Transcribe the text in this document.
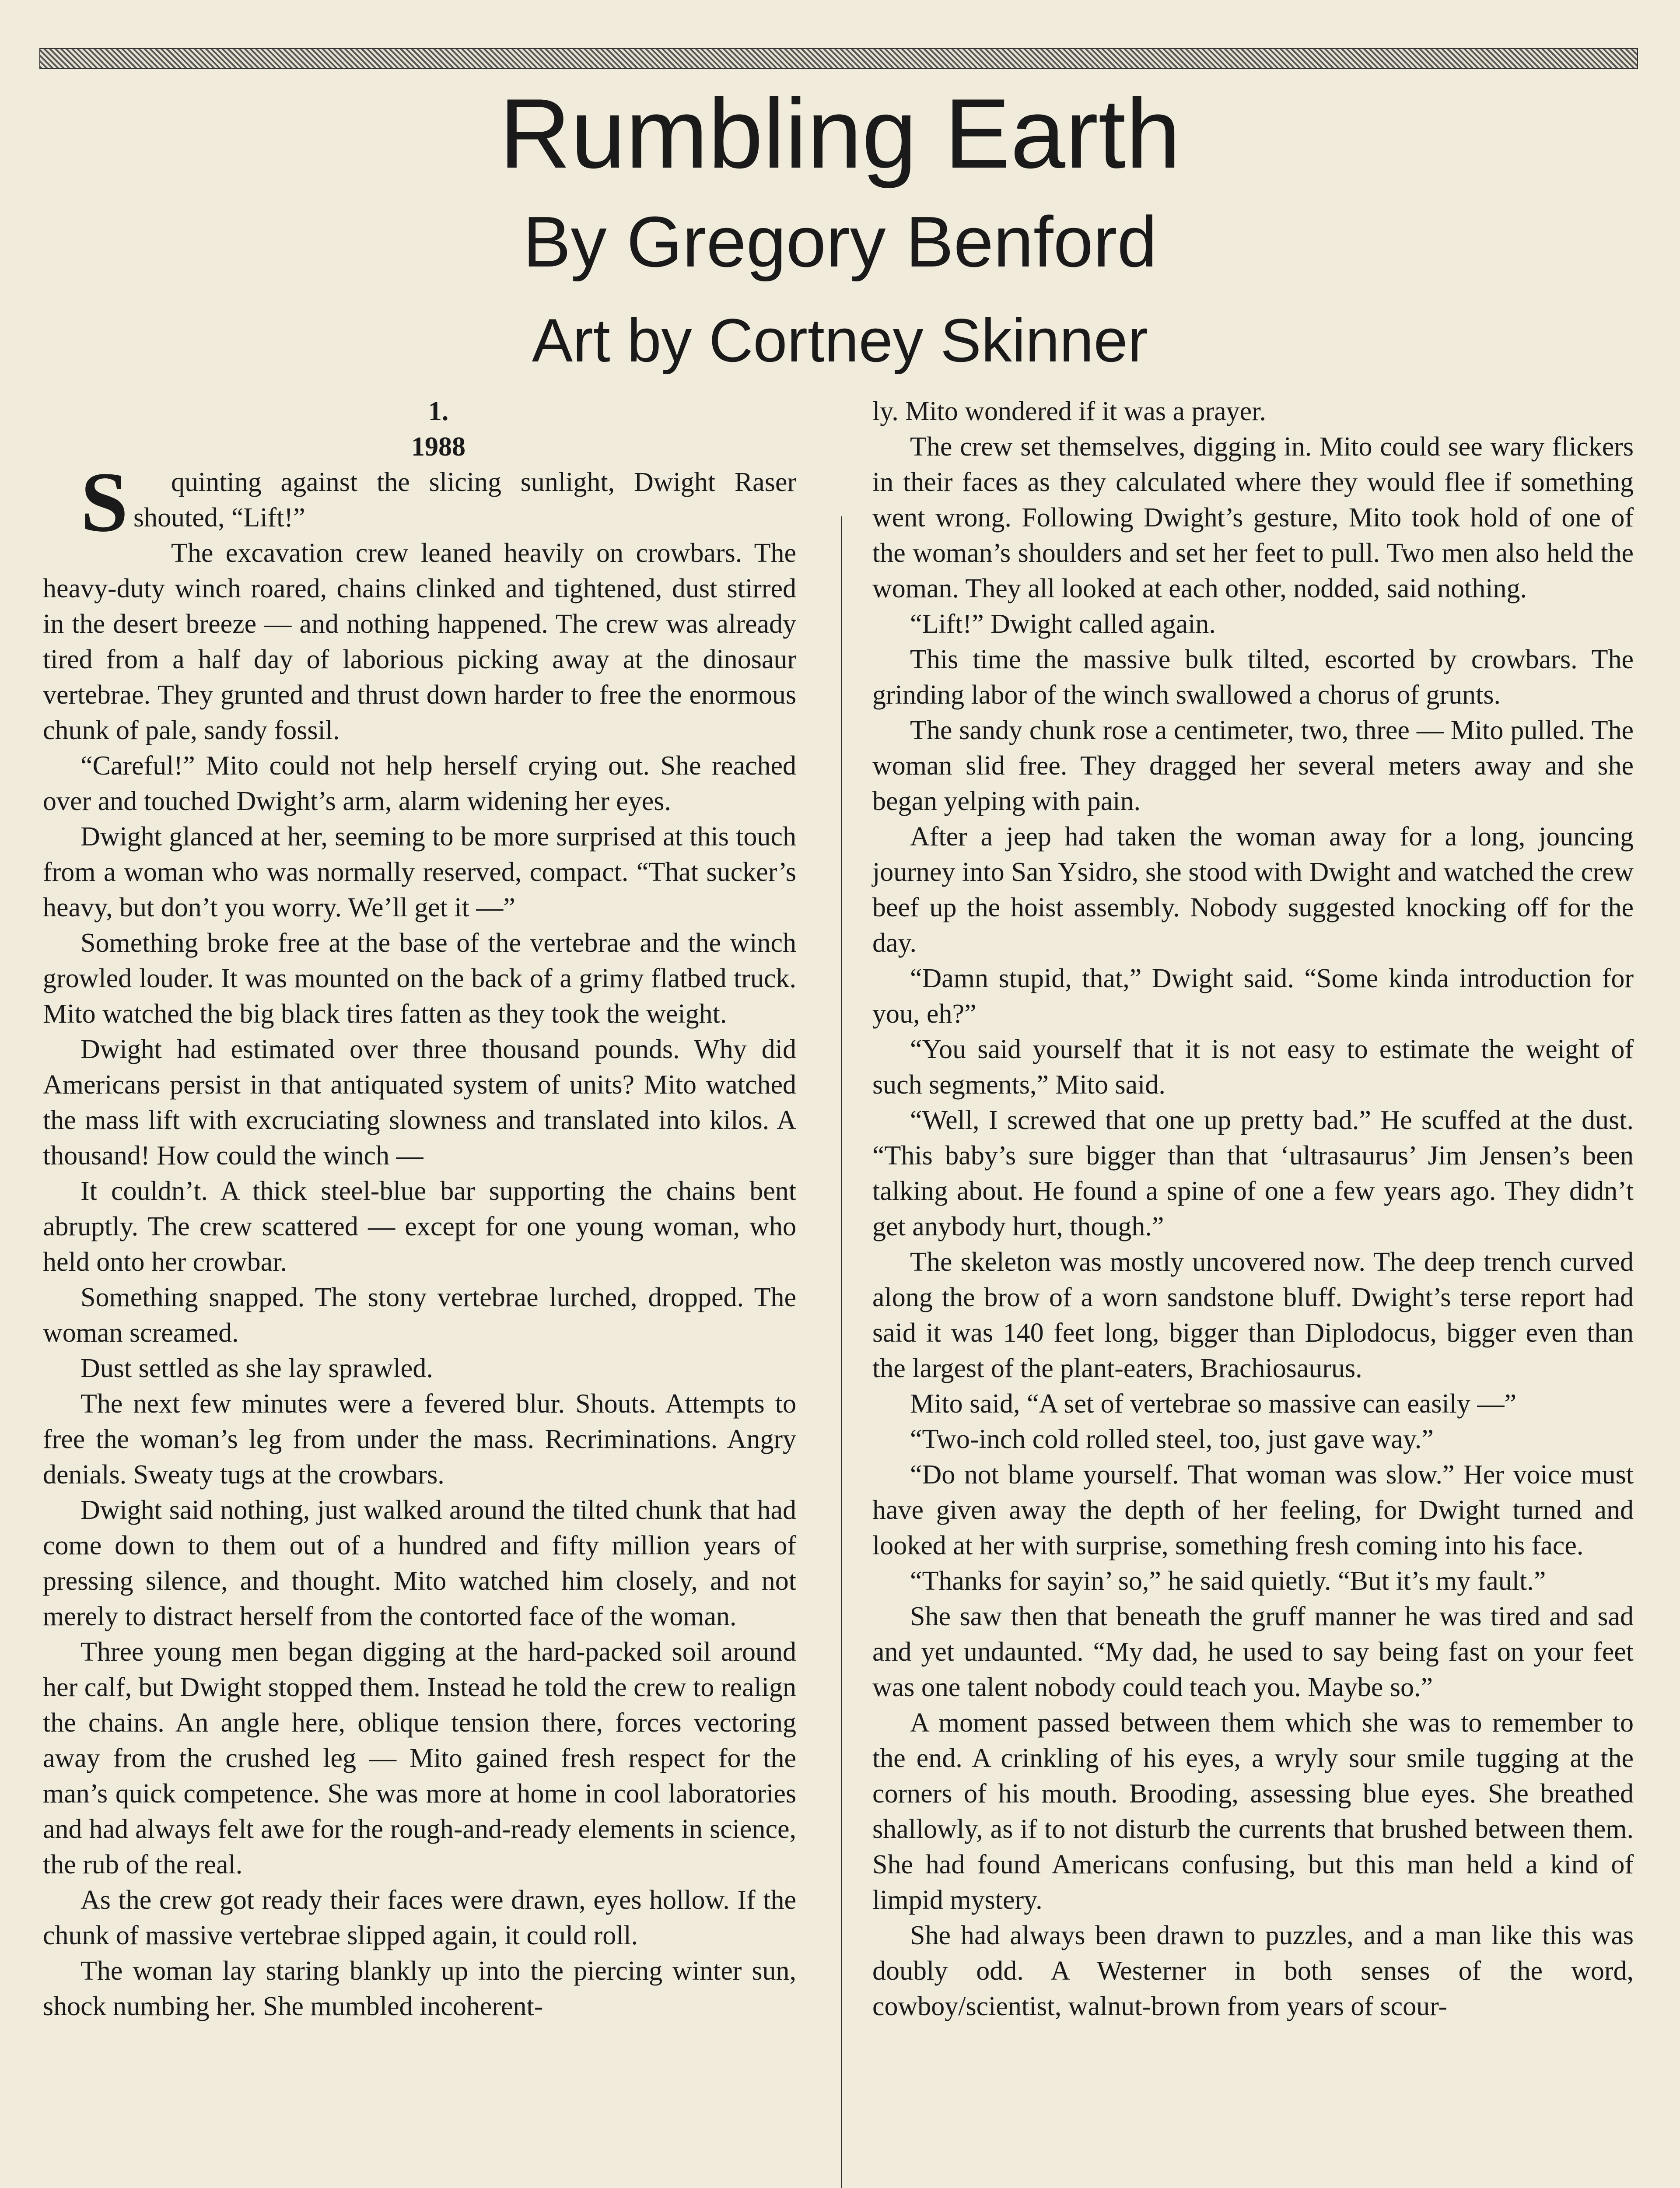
Rumbling Earth
By Gregory Benford
Art by Cortney Skinner

1.

1988

S quinting against the slicing sunlight, Dwight Raser shouted, “Lift!”

The excavation crew leaned heavily on crowbars. The heavy-duty winch roared, chains clinked and tightened, dust stirred in the desert breeze — and nothing happened. The crew was already tired from a half day of laborious picking away at the dinosaur vertebrae. They grunted and thrust down harder to free the enormous chunk of pale, sandy fossil.

“Careful!” Mito could not help herself crying out. She reached over and touched Dwight’s arm, alarm widening her eyes.

Dwight glanced at her, seeming to be more surprised at this touch from a woman who was normally reserved, compact. “That sucker’s heavy, but don’t you worry. We’ll get it —”

Something broke free at the base of the vertebrae and the winch growled louder. It was mounted on the back of a grimy flatbed truck. Mito watched the big black tires fatten as they took the weight.

Dwight had estimated over three thousand pounds. Why did Americans persist in that antiquated system of units? Mito watched the mass lift with excruciating slowness and translated into kilos. A thousand! How could the winch —

It couldn’t. A thick steel-blue bar supporting the chains bent abruptly. The crew scattered — except for one young woman, who held onto her crowbar.

Something snapped. The stony vertebrae lurched, dropped. The woman screamed.

Dust settled as she lay sprawled.

The next few minutes were a fevered blur. Shouts. Attempts to free the woman’s leg from under the mass. Recriminations. Angry denials. Sweaty tugs at the crowbars.

Dwight said nothing, just walked around the tilted chunk that had come down to them out of a hundred and fifty million years of pressing silence, and thought. Mito watched him closely, and not merely to distract herself from the contorted face of the woman.

Three young men began digging at the hard-packed soil around her calf, but Dwight stopped them. Instead he told the crew to realign the chains. An angle here, oblique tension there, forces vectoring away from the crushed leg — Mito gained fresh respect for the man’s quick competence. She was more at home in cool laboratories and had always felt awe for the rough-and-ready elements in science, the rub of the real.

As the crew got ready their faces were drawn, eyes hollow. If the chunk of massive vertebrae slipped again, it could roll.

The woman lay staring blankly up into the piercing winter sun, shock numbing her. She mumbled incoherent-

ly. Mito wondered if it was a prayer.

The crew set themselves, digging in. Mito could see wary flickers in their faces as they calculated where they would flee if something went wrong. Following Dwight’s gesture, Mito took hold of one of the woman’s shoulders and set her feet to pull. Two men also held the woman. They all looked at each other, nodded, said nothing.

“Lift!” Dwight called again.

This time the massive bulk tilted, escorted by crowbars. The grinding labor of the winch swallowed a chorus of grunts.

The sandy chunk rose a centimeter, two, three — Mito pulled. The woman slid free. They dragged her several meters away and she began yelping with pain.

After a jeep had taken the woman away for a long, jouncing journey into San Ysidro, she stood with Dwight and watched the crew beef up the hoist assembly. Nobody suggested knocking off for the day.

“Damn stupid, that,” Dwight said. “Some kinda introduction for you, eh?”

“You said yourself that it is not easy to estimate the weight of such segments,” Mito said.

“Well, I screwed that one up pretty bad.” He scuffed at the dust. “This baby’s sure bigger than that ‘ultrasaurus’ Jim Jensen’s been talking about. He found a spine of one a few years ago. They didn’t get anybody hurt, though.”

The skeleton was mostly uncovered now. The deep trench curved along the brow of a worn sandstone bluff. Dwight’s terse report had said it was 140 feet long, bigger than Diplodocus, bigger even than the largest of the plant-eaters, Brachiosaurus.

Mito said, “A set of vertebrae so massive can easily —”

“Two-inch cold rolled steel, too, just gave way.”

“Do not blame yourself. That woman was slow.” Her voice must have given away the depth of her feeling, for Dwight turned and looked at her with surprise, something fresh coming into his face.

“Thanks for sayin’ so,” he said quietly. “But it’s my fault.”

She saw then that beneath the gruff manner he was tired and sad and yet undaunted. “My dad, he used to say being fast on your feet was one talent nobody could teach you. Maybe so.”

A moment passed between them which she was to remember to the end. A crinkling of his eyes, a wryly sour smile tugging at the corners of his mouth. Brooding, assessing blue eyes. She breathed shallowly, as if to not disturb the currents that brushed between them. She had found Americans confusing, but this man held a kind of limpid mystery.

She had always been drawn to puzzles, and a man like this was doubly odd. A Westerner in both senses of the word, cowboy/scientist, walnut-brown from years of scour-
